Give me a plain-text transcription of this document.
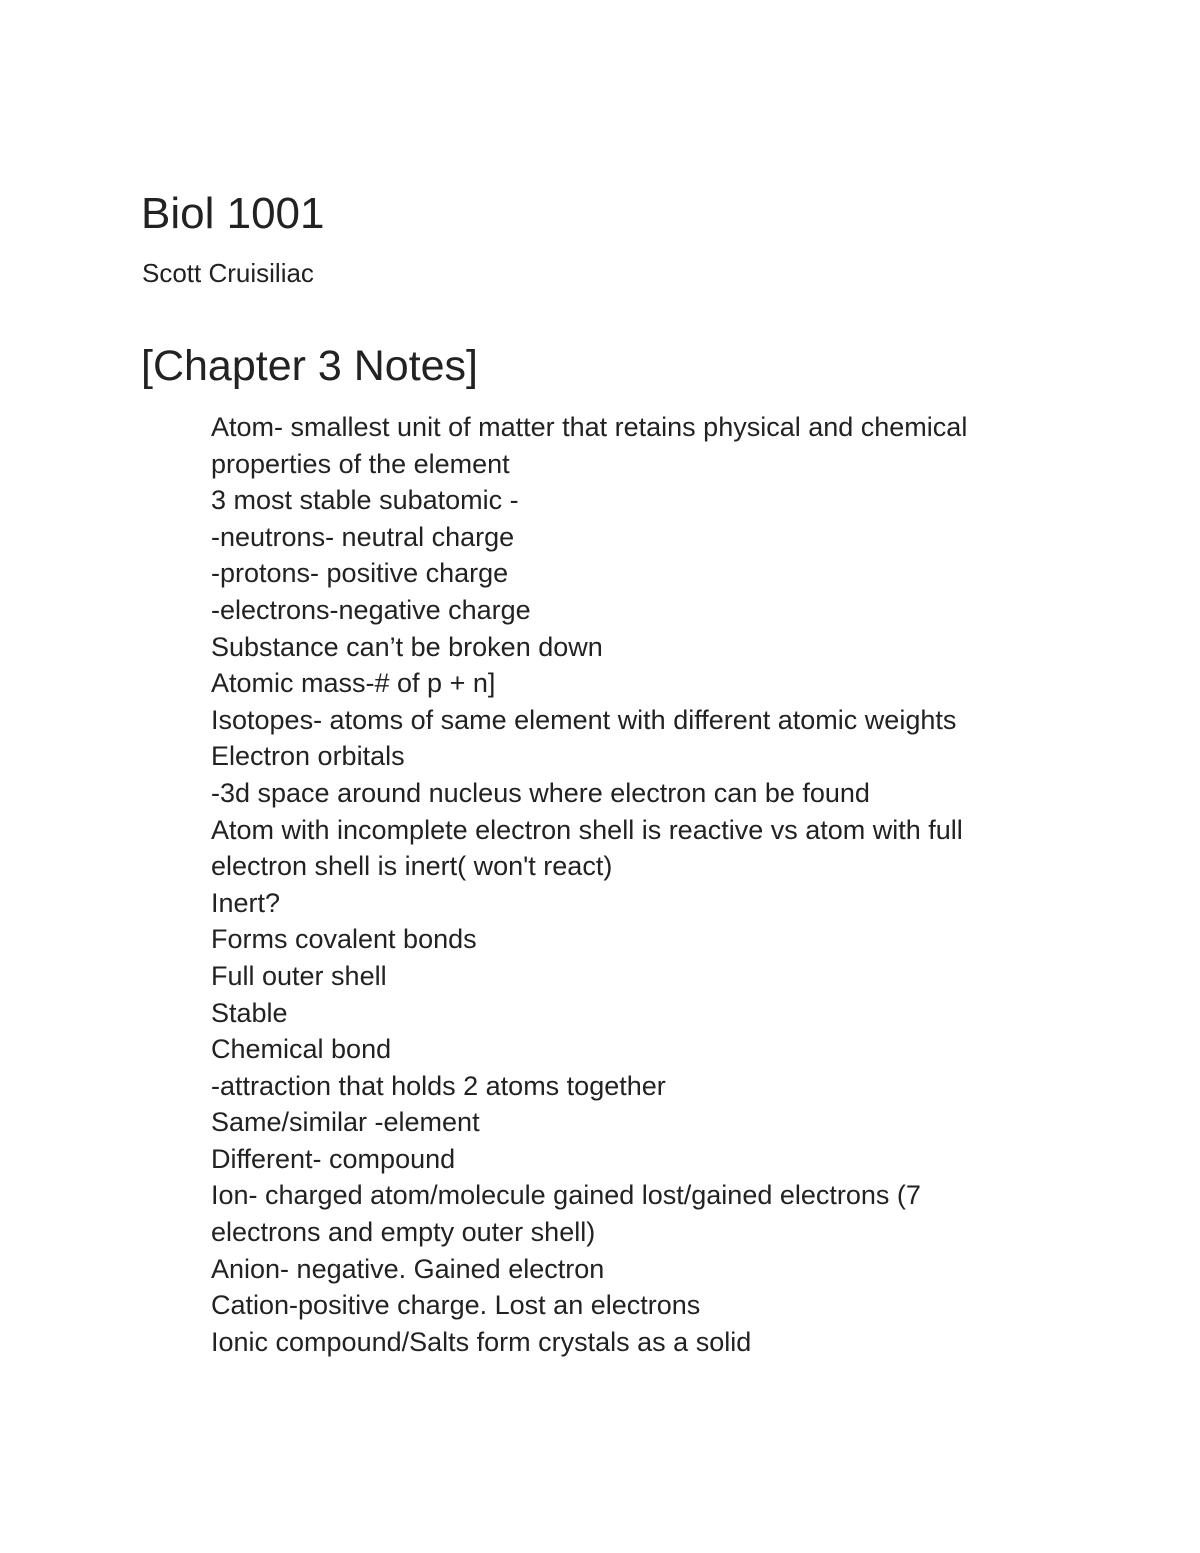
Biol 1001

Scott Cruisiliac

[Chapter 3 Notes]
Atom- smallest unit of matter that retains physical and chemical
properties of the element
3 most stable subatomic -
-neutrons- neutral charge
-protons- positive charge
-electrons-negative charge
Substance can’t be broken down
Atomic mass-# of p + n]
Isotopes- atoms of same element with different atomic weights
Electron orbitals
-3d space around nucleus where electron can be found
Atom with incomplete electron shell is reactive vs atom with full
electron shell is inert( won't react)
Inert?
Forms covalent bonds
Full outer shell
Stable
Chemical bond
-attraction that holds 2 atoms together
Same/similar -element
Different- compound
Ion- charged atom/molecule gained lost/gained electrons (7
electrons and empty outer shell)
Anion- negative. Gained electron
Cation-positive charge. Lost an electrons
Ionic compound/Salts form crystals as a solid
